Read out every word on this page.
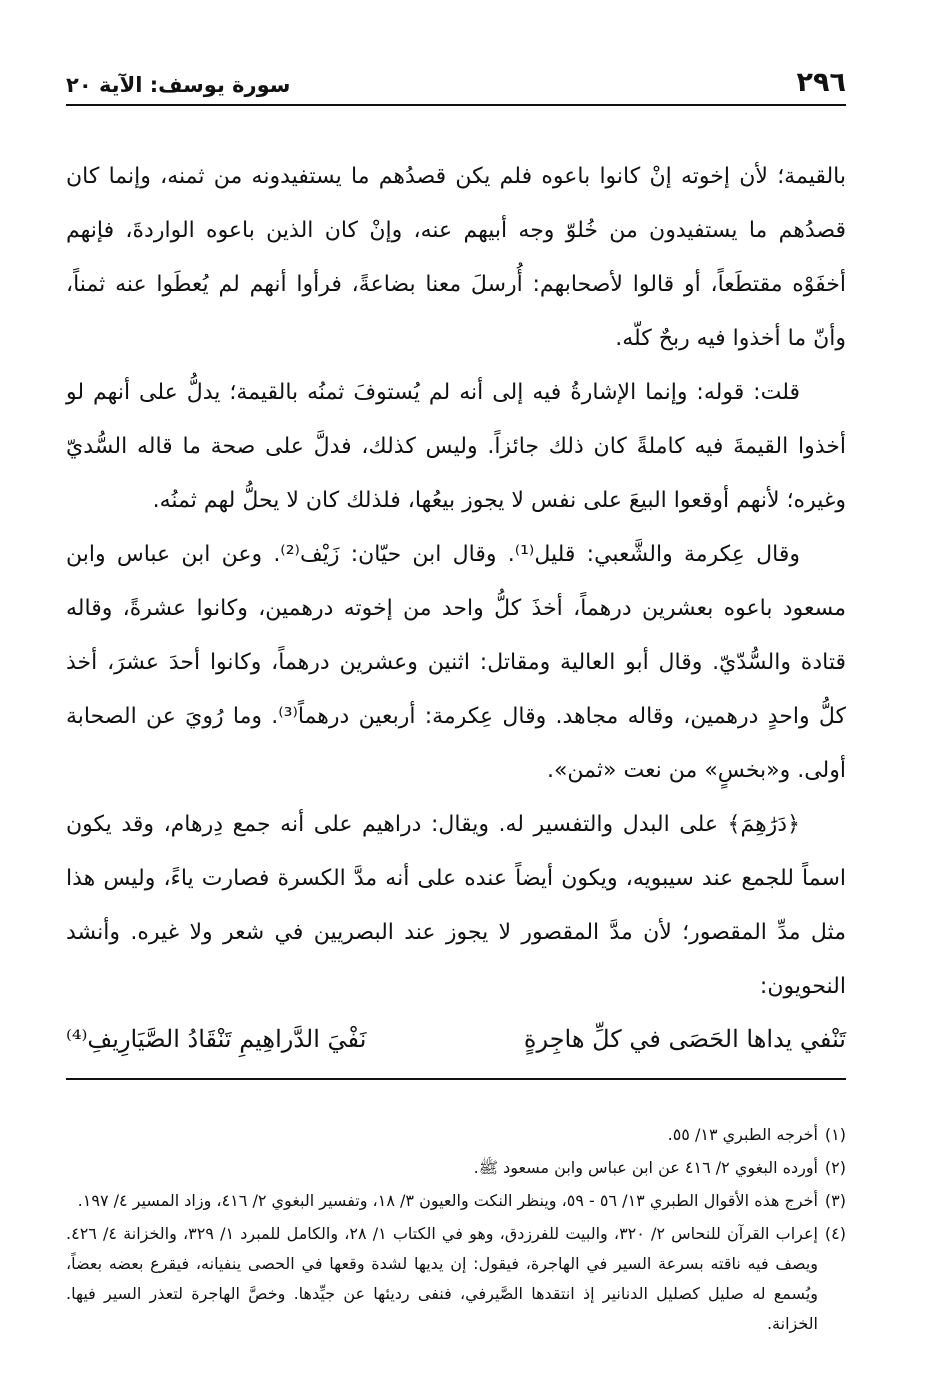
٢٩٦
سورة يوسف: الآية ٢٠

بالقيمة؛ لأن إخوته إنْ كانوا باعوه فلم يكن قصدُهم ما يستفيدونه من ثمنه، وإنما كان قصدُهم ما يستفيدون من خُلوّ وجه أبيهم عنه، وإنْ كان الذين باعوه الواردةَ، فإنهم أخفَوْه مقتطَعاً، أو قالوا لأصحابهم: أُرسلَ معنا بضاعةً، فرأوا أنهم لم يُعطَوا عنه ثمناً، وأنّ ما أخذوا فيه ربحٌ كلّه.

قلت: قوله: وإنما الإشارةُ فيه إلى أنه لم يُستوفَ ثمنُه بالقيمة؛ يدلُّ على أنهم لو أخذوا القيمةَ فيه كاملةً كان ذلك جائزاً. وليس كذلك، فدلَّ على صحة ما قاله السُّديّ وغيره؛ لأنهم أوقعوا البيعَ على نفس لا يجوز بيعُها، فلذلك كان لا يحلُّ لهم ثمنُه.

وقال عِكرمة والشَّعبي: قليل⁽¹⁾. وقال ابن حيّان: زَيْف⁽²⁾. وعن ابن عباس وابن مسعود باعوه بعشرين درهماً، أخذَ كلُّ واحد من إخوته درهمين، وكانوا عشرةً، وقاله قتادة والسُّدّيّ. وقال أبو العالية ومقاتل: اثنين وعشرين درهماً، وكانوا أحدَ عشرَ، أخذ كلُّ واحدٍ درهمين، وقاله مجاهد. وقال عِكرمة: أربعين درهماً⁽³⁾. وما رُويَ عن الصحابة أولى. و«بخسٍ» من نعت «ثمن».

﴿دَرَٰهِمَ﴾ على البدل والتفسير له. ويقال: دراهيم على أنه جمع دِرهام، وقد يكون اسماً للجمع عند سيبويه، ويكون أيضاً عنده على أنه مدَّ الكسرة فصارت ياءً، وليس هذا مثل مدِّ المقصور؛ لأن مدَّ المقصور لا يجوز عند البصريين في شعر ولا غيره. وأنشد النحويون:

تَنْفي يداها الحَصَى في كلِّ هاجِرةٍ
نَفْيَ الدَّراهِيمِ تَنْقَادُ الصَّيَارِيفِ⁽⁴⁾
(١)
أخرجه الطبري ١٣/ ٥٥.
(٢)
أورده البغوي ٢/ ٤١٦ عن ابن عباس وابن مسعود ﷺ.
(٣)
أخرج هذه الأقوال الطبري ١٣/ ٥٦ - ٥٩، وينظر النكت والعيون ٣/ ١٨، وتفسير البغوي ٢/ ٤١٦، وزاد المسير ٤/ ١٩٧.
(٤)
إعراب القرآن للنحاس ٢/ ٣٢٠، والبيت للفرزدق، وهو في الكتاب ١/ ٢٨، والكامل للمبرد ١/ ٣٢٩، والخزانة ٤/ ٤٢٦. ويصف فيه ناقته بسرعة السير في الهاجرة، فيقول: إن يديها لشدة وقعها في الحصى ينفيانه، فيقرع بعضه بعضاً، ويُسمع له صليل كصليل الدنانير إذ انتقدها الصَّيرفي، فنفى رديئها عن جيِّدها. وخصَّ الهاجرة لتعذر السير فيها. الخزانة.
